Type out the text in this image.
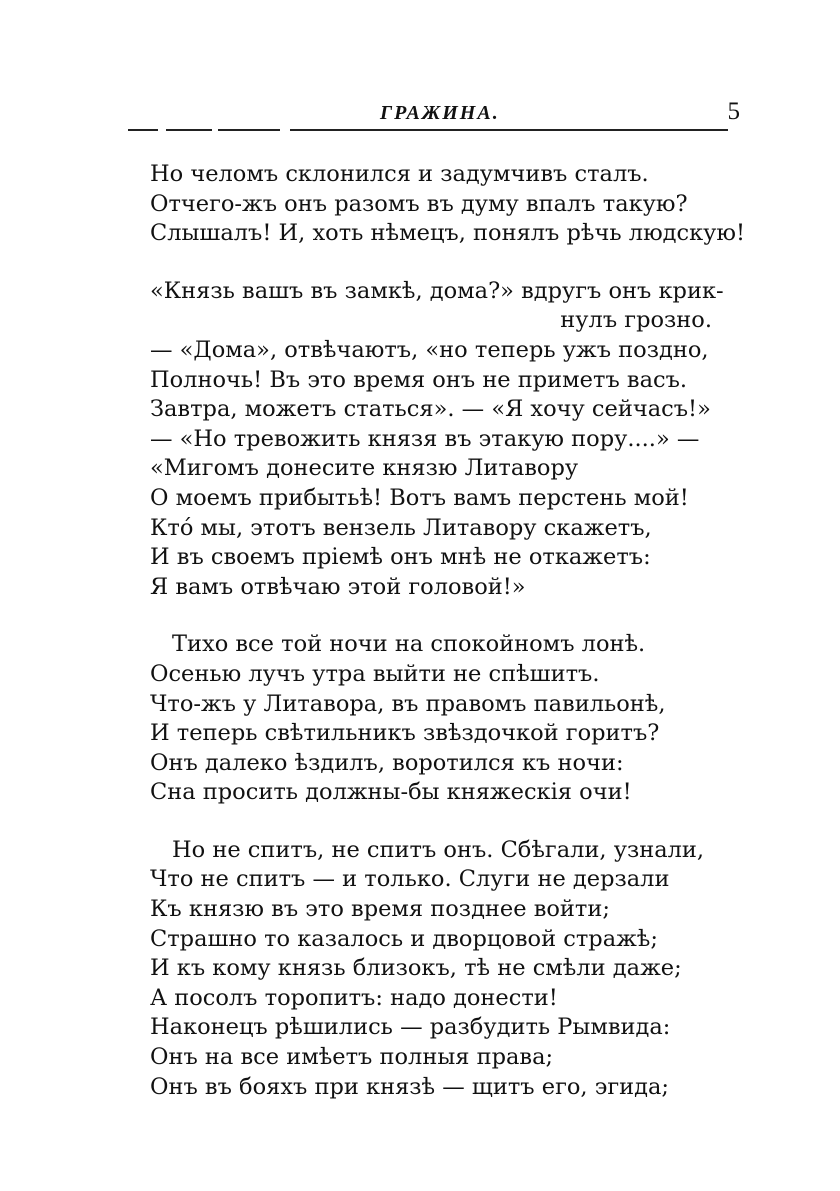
ГРАЖИНА.	5
Но челомъ склонился и задумчивъ сталъ.
Отчего-жъ онъ разомъ въ думу впалъ такую?
Слышалъ! И, хоть нѣмецъ, понялъ рѣчь людскую!
«Князь вашъ въ замкѣ, дома?» вдругъ онъ крик-
нулъ грозно.
— «Дома», отвѣчаютъ, «но теперь ужъ поздно,
Полночь! Въ это время онъ не приметъ васъ.
Завтра, можетъ статься». — «Я хочу сейчасъ!»
— «Но тревожить князя въ этакую пору....» —
«Мигомъ донесите князю Литавору
О моемъ прибытьѣ! Вотъ вамъ перстень мой!
Ктó мы, этотъ вензель Литавору скажетъ,
И въ своемъ пріемѣ онъ мнѣ не откажетъ:
Я вамъ отвѣчаю этой головой!»
Тихо все той ночи на спокойномъ лонѣ.
Осенью лучъ утра выйти не спѣшитъ.
Что-жъ у Литавора, въ правомъ павильонѣ,
И теперь свѣтильникъ звѣздочкой горитъ?
Онъ далеко ѣздилъ, воротился къ ночи:
Сна просить должны-бы княжескія очи!
Но не спитъ, не спитъ онъ. Сбѣгали, узнали,
Что не спитъ — и только. Слуги не дерзали
Къ князю въ это время позднее войти;
Страшно то казалось и дворцовой стражѣ;
И къ кому князь близокъ, тѣ не смѣли даже;
А посолъ торопитъ: надо донести!
Наконецъ рѣшились — разбудить Рымвида:
Онъ на все имѣетъ полныя права;
Онъ въ бояхъ при князѣ — щитъ его, эгида;
